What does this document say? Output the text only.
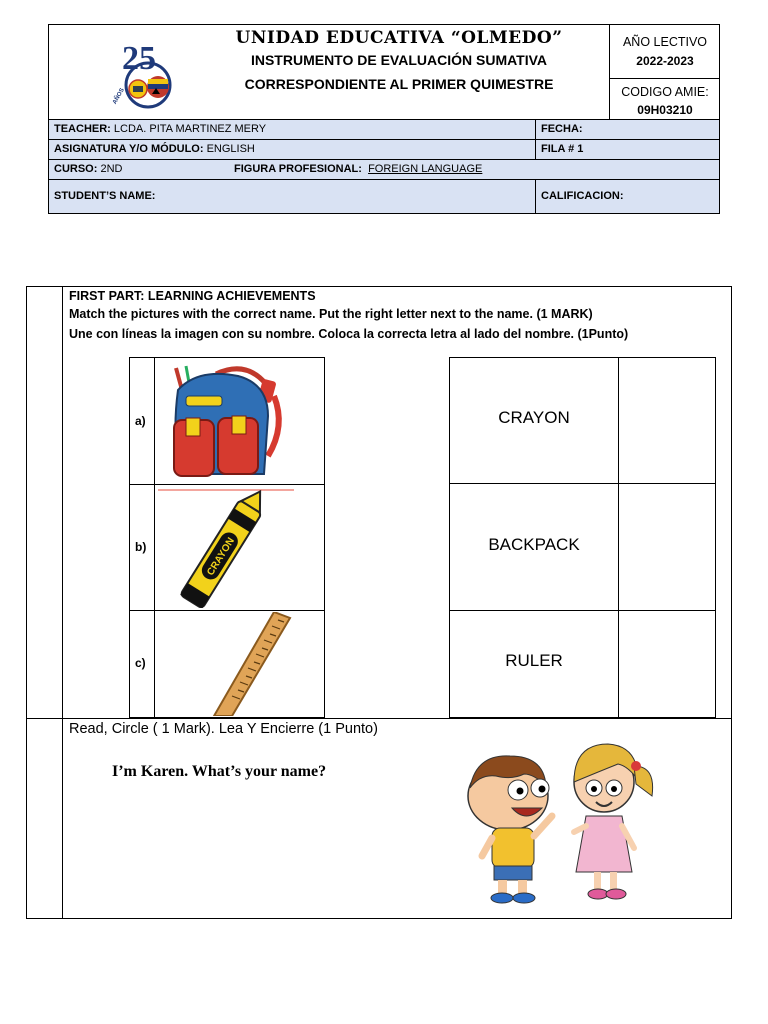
25
AÑOS
UNIDAD EDUCATIVA “OLMEDO”
INSTRUMENTO DE EVALUACIÓN SUMATIVA
CORRESPONDIENTE AL PRIMER QUIMESTRE
AÑO LECTIVO
2022-2023
CODIGO AMIE:
09H03210
TEACHER: LCDA. PITA MARTINEZ MERY	FECHA:
ASIGNATURA Y/O MÓDULO: ENGLISH	FILA # 1
CURSO: 2ND	FIGURA PROFESIONAL: FOREIGN LANGUAGE
STUDENT’S NAME:	CALIFICACION:
FIRST PART: LEARNING ACHIEVEMENTS
Match the pictures with the correct name. Put the right letter next to the name. (1 MARK)
Une con líneas la imagen con su nombre. Coloca la correcta letra al lado del nombre. (1Punto)
a)
b)
c)
CRAYON
CRAYON
BACKPACK
RULER
Read, Circle ( 1 Mark). Lea Y Encierre (1 Punto)
I’m Karen. What’s your name?
